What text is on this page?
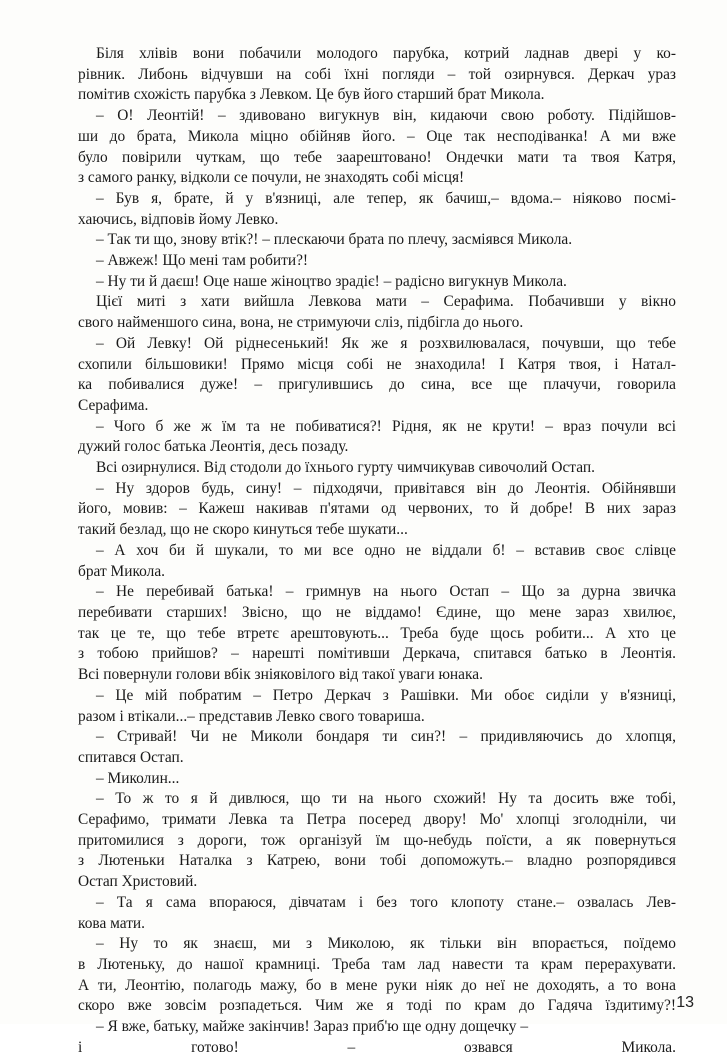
Біля хлівів вони побачили молодого парубка, котрий ладнав двері у ко-
рівник. Либонь відчувши на собі їхні погляди – той озирнувся. Деркач ураз
помітив схожість парубка з Левком. Це був його старший брат Микола.
– О! Леонтій! – здивовано вигукнув він, кидаючи свою роботу. Підійшов-
ши до брата, Микола міцно обійняв його. – Оце так несподіванка! А ми вже
було повірили чуткам, що тебе заарештовано! Ондечки мати та твоя Катря,
з самого ранку, відколи се почули, не знаходять собі місця!
– Був я, брате, й у в'язниці, але тепер, як бачиш,– вдома.– ніяково посмі-
хаючись, відповів йому Левко.
– Так ти що, знову втік?! – плескаючи брата по плечу, засміявся Микола.
– Авжеж! Що мені там робити?!
– Ну ти й даєш! Оце наше жіноцтво зрадіє! – радісно вигукнув Микола.
Цієї миті з хати вийшла Левкова мати – Серафима. Побачивши у вікно
свого найменшого сина, вона, не стримуючи сліз, підбігла до нього.
– Ой Левку! Ой ріднесенький! Як же я розхвилювалася, почувши, що тебе
схопили більшовики! Прямо місця собі не знаходила! І Катря твоя, і Натал-
ка побивалися дуже! – пригулившись до сина, все ще плачучи, говорила
Серафима.
– Чого б же ж їм та не побиватися?! Рідня, як не крути! – враз почули всі
дужий голос батька Леонтія, десь позаду.
Всі озирнулися. Від стодоли до їхнього гурту чимчикував сивочолий Остап.
– Ну здоров будь, сину! – підходячи, привітався він до Леонтія. Обійнявши
його, мовив: – Кажеш накивав п'ятами од червоних, то й добре! В них зараз
такий безлад, що не скоро кинуться тебе шукати...
– А хоч би й шукали, то ми все одно не віддали б! – вставив своє слівце
брат Микола.
– Не перебивай батька! – гримнув на нього Остап – Що за дурна звичка
перебивати старших! Звісно, що не віддамо! Єдине, що мене зараз хвилює,
так це те, що тебе втретє арештовують... Треба буде щось робити... А хто це
з тобою прийшов? – нарешті помітивши Деркача, спитався батько в Леонтія.
Всі повернули голови вбік зніяковілого від такої уваги юнака.
– Це мій побратим – Петро Деркач з Рашівки. Ми обоє сиділи у в'язниці,
разом і втікали...– представив Левко свого товариша.
– Стривай! Чи не Миколи бондаря ти син?! – придивляючись до хлопця,
спитався Остап.
– Миколин...
– То ж то я й дивлюся, що ти на нього схожий! Ну та досить вже тобі,
Серафимо, тримати Левка та Петра посеред двору! Мо' хлопці зголодніли, чи
притомилися з дороги, тож організуй їм що-небудь поїсти, а як повернуться
з Лютеньки Наталка з Катрею, вони тобі допоможуть.– владно розпорядився
Остап Христовий.
– Та я сама впораюся, дівчатам і без того клопоту стане.– озвалась Лев-
кова мати.
– Ну то як знаєш, ми з Миколою, як тільки він впорається, поїдемо
в Лютеньку, до нашої крамниці. Треба там лад навести та крам перерахувати.
А ти, Леонтію, полагодь мажу, бо в мене руки ніяк до неї не доходять, а то вона
скоро вже зовсім розпадеться. Чим же я тоді по крам до Гадяча їздитиму?!
– Я вже, батьку, майже закінчив! Зараз приб'ю ще одну дощечку –
і готово! – озвався Микола.
13
